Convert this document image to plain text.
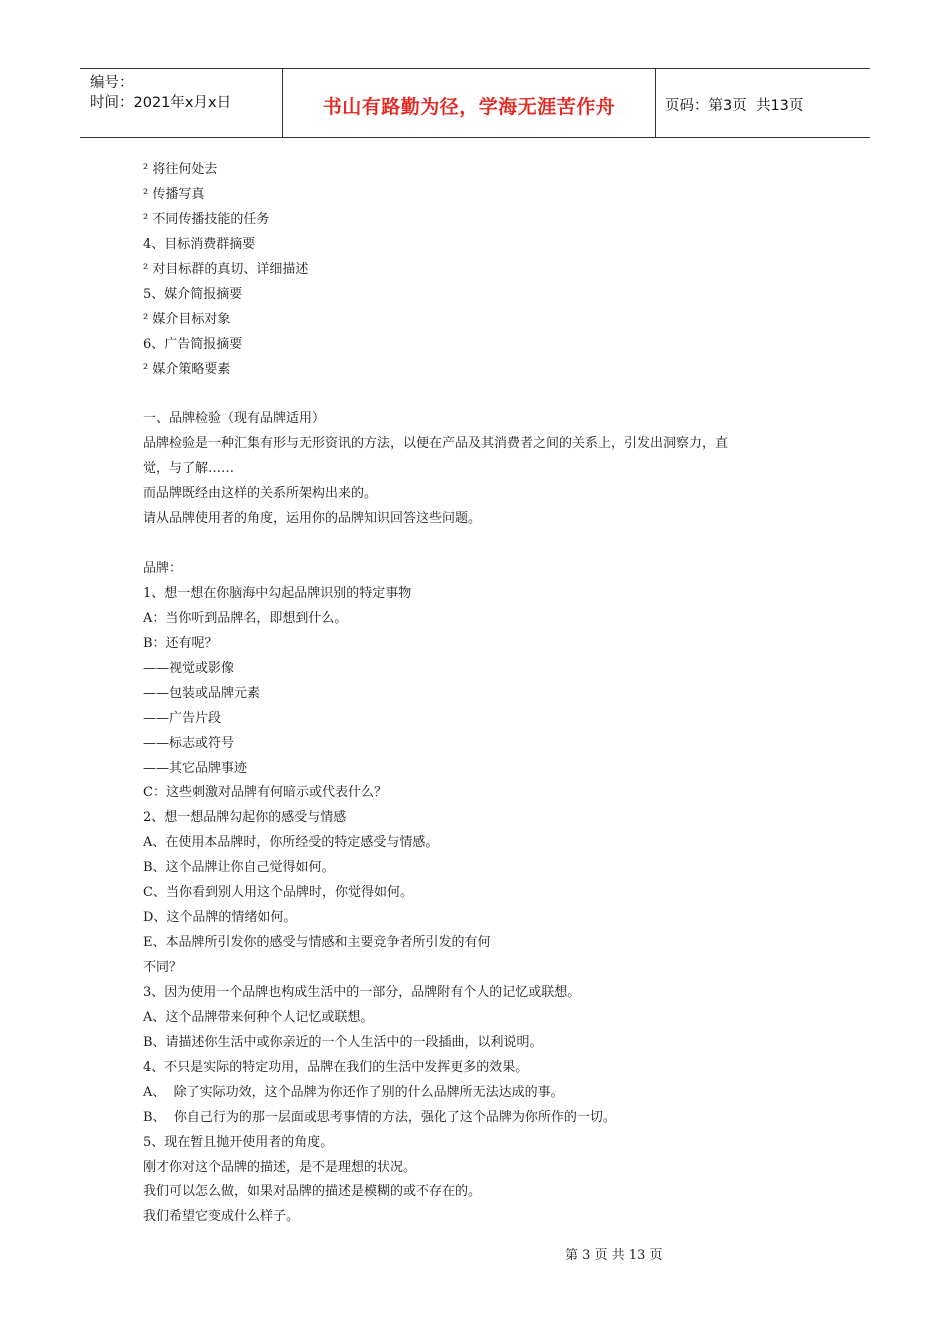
编号：
时间：2021年x月x日	书山有路勤为径，学海无涯苦作舟	页码：第3页  共13页
² 将往何处去
² 传播写真
² 不同传播技能的任务
4、目标消费群摘要
² 对目标群的真切、详细描述
5、媒介简报摘要
² 媒介目标对象
6、广告简报摘要
² 媒介策略要素
一、品牌检验（现有品牌适用）
品牌检验是一种汇集有形与无形资讯的方法，以便在产品及其消费者之间的关系上，引发出洞察力，直
觉，与了解……
而品牌既经由这样的关系所架构出来的。
请从品牌使用者的角度，运用你的品牌知识回答这些问题。
品牌：
1、想一想在你脑海中勾起品牌识别的特定事物
A：当你听到品牌名，即想到什么。
B：还有呢？
——视觉或影像
——包装或品牌元素
——广告片段
——标志或符号
——其它品牌事迹
C：这些刺激对品牌有何暗示或代表什么？
2、想一想品牌勾起你的感受与情感
A、在使用本品牌时，你所经受的特定感受与情感。
B、这个品牌让你自己觉得如何。
C、当你看到别人用这个品牌时，你觉得如何。
D、这个品牌的情绪如何。
E、本品牌所引发你的感受与情感和主要竞争者所引发的有何
不同？
3、因为使用一个品牌也构成生活中的一部分，品牌附有个人的记忆或联想。
A、这个品牌带来何种个人记忆或联想。
B、请描述你生活中或你亲近的一个人生活中的一段插曲，以利说明。
4、不只是实际的特定功用，品牌在我们的生活中发挥更多的效果。
A、  除了实际功效，这个品牌为你还作了别的什么品牌所无法达成的事。
B、  你自己行为的那一层面或思考事情的方法，强化了这个品牌为你所作的一切。
5、现在暂且抛开使用者的角度。
刚才你对这个品牌的描述，是不是理想的状况。
我们可以怎么做，如果对品牌的描述是模糊的或不存在的。
我们希望它变成什么样子。
第 3 页 共 13 页
